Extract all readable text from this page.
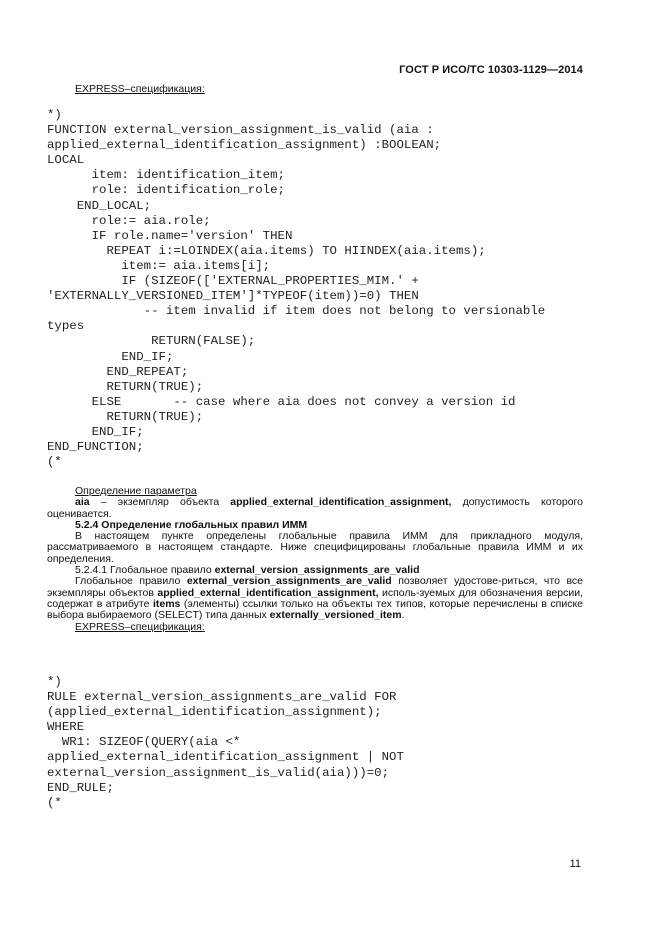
ГОСТ Р ИСО/ТС 10303-1129—2014
EXPRESS–спецификация:
*)
FUNCTION external_version_assignment_is_valid (aia :
applied_external_identification_assignment) :BOOLEAN;
LOCAL
item: identification_item;
role: identification_role;
END_LOCAL;
role:= aia.role;
IF role.name='version' THEN
REPEAT i:=LOINDEX(aia.items) TO HIINDEX(aia.items);
item:= aia.items[i];
IF (SIZEOF(['EXTERNAL_PROPERTIES_MIM.' +
'EXTERNALLY_VERSIONED_ITEM']*TYPEOF(item))=0) THEN
-- item invalid if item does not belong to versionable
types
RETURN(FALSE);
END_IF;
END_REPEAT;
RETURN(TRUE);
ELSE       -- case where aia does not convey a version id
RETURN(TRUE);
END_IF;
END_FUNCTION;
(*

Определение параметра

aia – экземпляр объекта applied_external_identification_assignment, допустимость которого оценивается.

5.2.4 Определение глобальных правил ИММ

В настоящем пункте определены глобальные правила ИММ для прикладного модуля, рассматриваемого в настоящем стандарте. Ниже специфицированы глобальные правила ИММ и их определения.

5.2.4.1 Глобальное правило external_version_assignments_are_valid

Глобальное правило external_version_assignments_are_valid позволяет удостове-риться, что все экземпляры объектов applied_external_identification_assignment, исполь-зуемых для обозначения версии, содержат в атрибуте items (элементы) ссылки только на объекты тех типов, которые перечислены в списке выбора выбираемого (SELECT) типа данных externally_versioned_item.

EXPRESS–спецификация:

*)
RULE external_version_assignments_are_valid FOR
(applied_external_identification_assignment);
WHERE
WR1: SIZEOF(QUERY(aia <*
applied_external_identification_assignment | NOT
external_version_assignment_is_valid(aia)))=0;
END_RULE;
(*
11
